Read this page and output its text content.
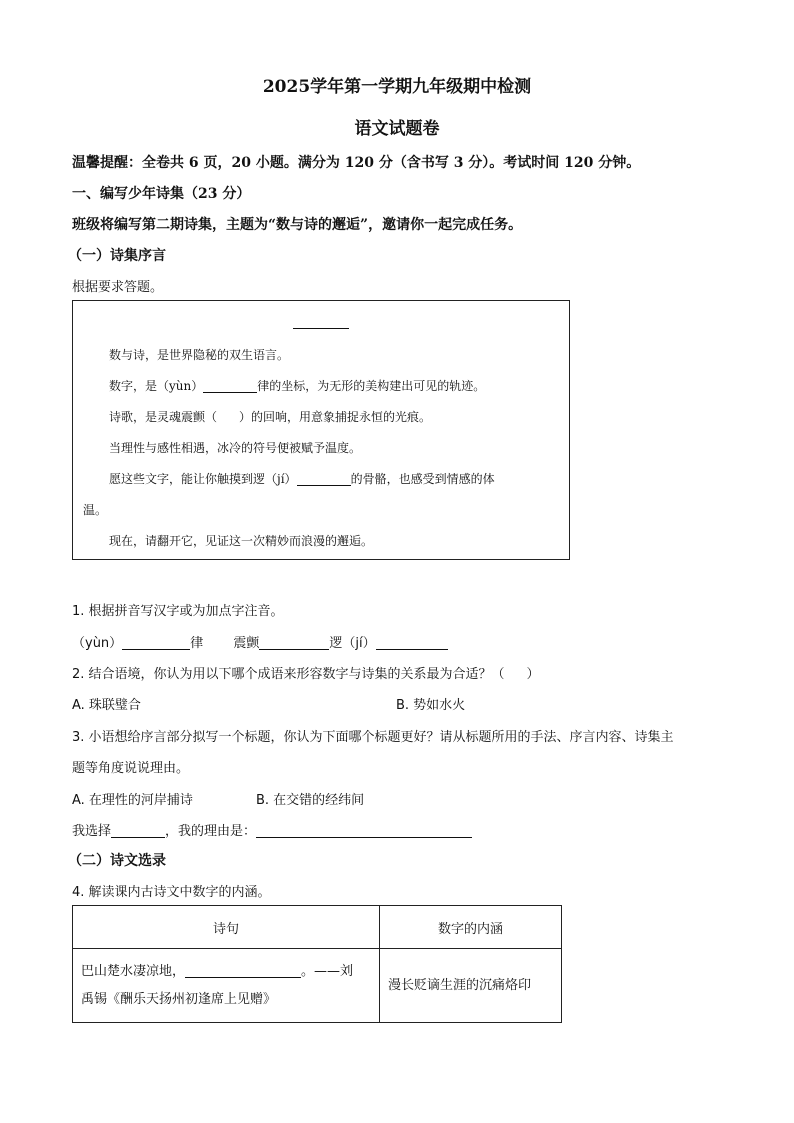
2025学年第一学期九年级期中检测
语文试题卷
温馨提醒：全卷共 6 页，20 小题。满分为 120 分（含书写 3 分）。考试时间 120 分钟。
一、编写少年诗集（23 分）
班级将编写第二期诗集，主题为“数与诗的邂逅”，邀请你一起完成任务。
（一）诗集序言
根据要求答题。
数与诗，是世界隐秘的双生语言。
数字，是（yùn）	律的坐标，为无形的美构建出可见的轨迹。
诗歌，是灵魂震颤（ ）的回响，用意象捕捉永恒的光痕。
当理性与感性相遇，冰冷的符号便被赋予温度。
愿这些文字，能让你触摸到逻（jí）	的骨骼，也感受到情感的体
温。
现在，请翻开它，见证这一次精妙而浪漫的邂逅。
1. 根据拼音写汉字或为加点字注音。
（yùn）	律 震颤	逻（jí）
2. 结合语境，你认为用以下哪个成语来形容数字与诗集的关系最为合适？（ ）
A. 珠联璧合	B. 势如水火
3. 小语想给序言部分拟写一个标题，你认为下面哪个标题更好？请从标题所用的手法、序言内容、诗集主
题等角度说说理由。
A. 在理性的河岸捕诗	B. 在交错的经纬间
我选择	，我的理由是：
（二）诗文选录
4. 解读课内古诗文中数字的内涵。
诗句	数字的内涵
巴山楚水凄凉地， 。——刘
禹锡《酬乐天扬州初逢席上见赠》	漫长贬谪生涯的沉痛烙印
